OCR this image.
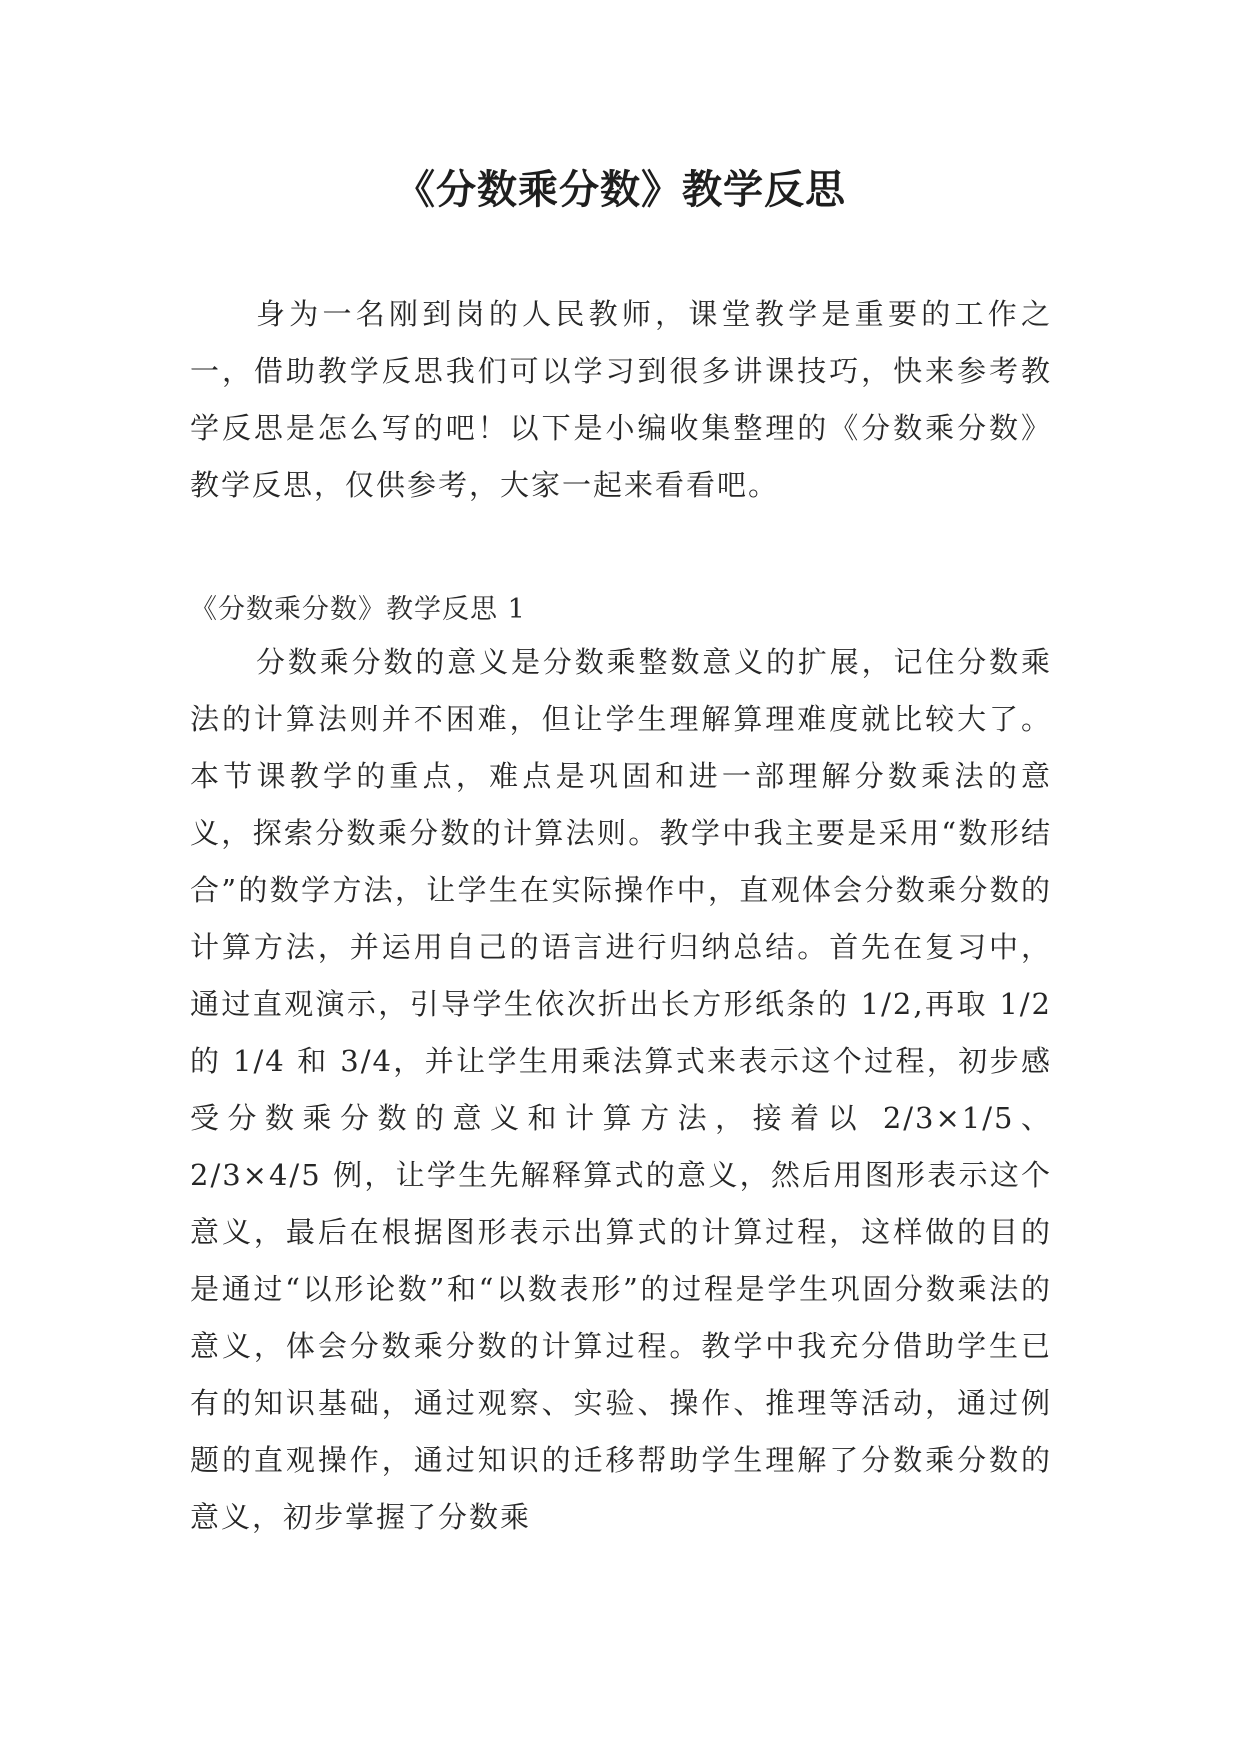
《分数乘分数》教学反思

身为一名刚到岗的人民教师，课堂教学是重要的工作之一，借助教学反思我们可以学习到很多讲课技巧，快来参考教学反思是怎么写的吧！以下是小编收集整理的《分数乘分数》教学反思，仅供参考，大家一起来看看吧。

《分数乘分数》教学反思 1

分数乘分数的意义是分数乘整数意义的扩展，记住分数乘法的计算法则并不困难，但让学生理解算理难度就比较大了。本节课教学的重点，难点是巩固和进一部理解分数乘法的意义，探索分数乘分数的计算法则。教学中我主要是采用“数形结合”的数学方法，让学生在实际操作中，直观体会分数乘分数的计算方法，并运用自己的语言进行归纳总结。首先在复习中，通过直观演示，引导学生依次折出长方形纸条的 1/2,再取 1/2 的 1/4 和 3/4，并让学生用乘法算式来表示这个过程，初步感受分数乘分数的意义和计算方法，接着以 2/3×1/5、2/3×4/5 例，让学生先解释算式的意义，然后用图形表示这个意义，最后在根据图形表示出算式的计算过程，这样做的目的是通过“以形论数”和“以数表形”的过程是学生巩固分数乘法的意义，体会分数乘分数的计算过程。教学中我充分借助学生已有的知识基础，通过观察、实验、操作、推理等活动，通过例题的直观操作，通过知识的迁移帮助学生理解了分数乘分数的意义，初步掌握了分数乘
